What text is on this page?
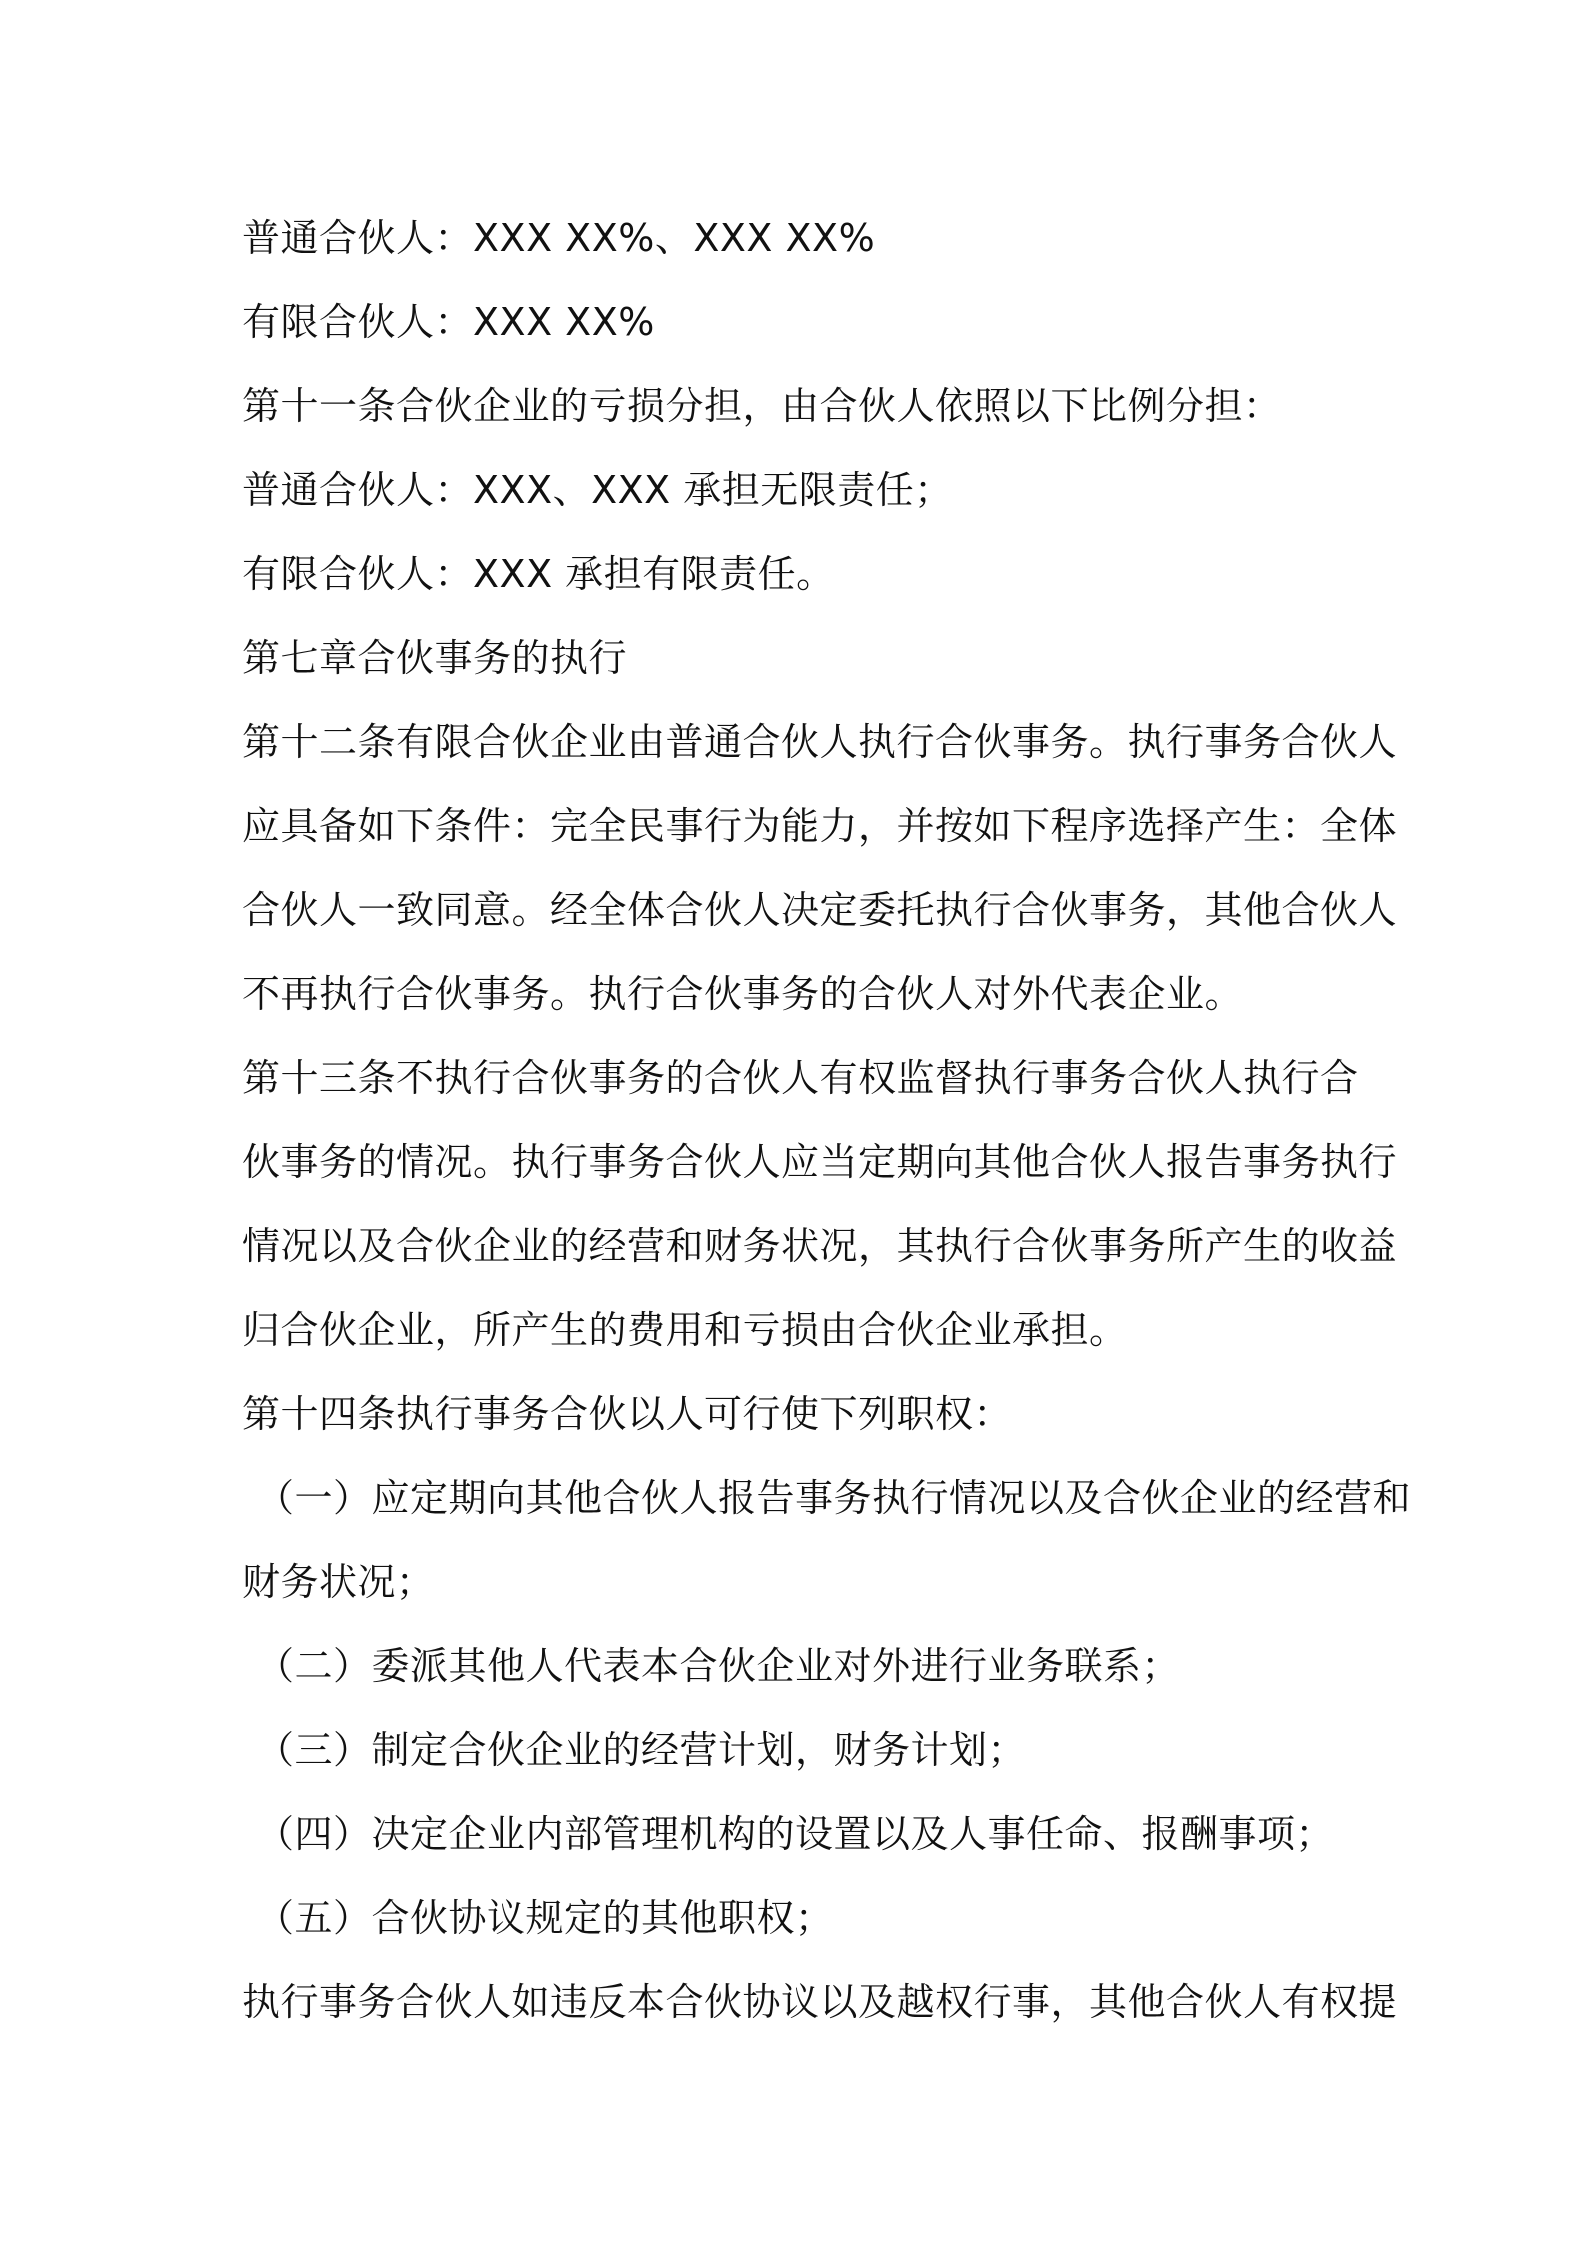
普通合伙人：XXX XX%、XXX XX%
有限合伙人：XXX XX%
第十一条合伙企业的亏损分担，由合伙人依照以下比例分担：
普通合伙人：XXX、XXX 承担无限责任；
有限合伙人：XXX 承担有限责任。
第七章合伙事务的执行
第十二条有限合伙企业由普通合伙人执行合伙事务。执行事务合伙人
应具备如下条件：完全民事行为能力，并按如下程序选择产生：全体
合伙人一致同意。经全体合伙人决定委托执行合伙事务，其他合伙人
不再执行合伙事务。执行合伙事务的合伙人对外代表企业。
第十三条不执行合伙事务的合伙人有权监督执行事务合伙人执行合
伙事务的情况。执行事务合伙人应当定期向其他合伙人报告事务执行
情况以及合伙企业的经营和财务状况，其执行合伙事务所产生的收益
归合伙企业，所产生的费用和亏损由合伙企业承担。
第十四条执行事务合伙以人可行使下列职权：
（一）应定期向其他合伙人报告事务执行情况以及合伙企业的经营和
财务状况；
（二）委派其他人代表本合伙企业对外进行业务联系；
（三）制定合伙企业的经营计划，财务计划；
（四）决定企业内部管理机构的设置以及人事任命、报酬事项；
（五）合伙协议规定的其他职权；
执行事务合伙人如违反本合伙协议以及越权行事，其他合伙人有权提
